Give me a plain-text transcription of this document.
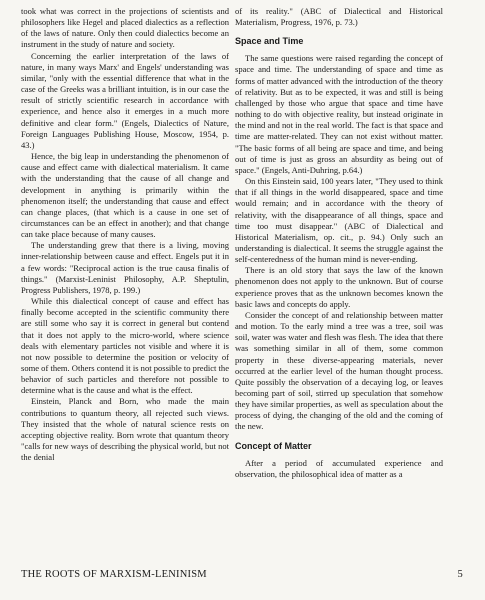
took what was correct in the projections of scientists and philosophers like Hegel and placed dialectics as a reflection of the laws of nature. Only then could dialectics become an instrument in the study of nature and society.

Concerning the earlier interpretation of the laws of nature, in many ways Marx' and Engels' understanding was similar, "only with the essential difference that what in the case of the Greeks was a brilliant intuition, is in our case the result of strictly scientific research in accordance with experience, and hence also it emerges in a much more definitive and clear form." (Engels, Dialectics of Nature, Foreign Languages Publishing House, Moscow, 1954, p. 43.)

Hence, the big leap in understanding the phenomenon of cause and effect came with dialectical materialism. It came with the understanding that the cause of all change and development in anything is primarily within the phenomenon itself; the understanding that cause and effect can change places, (that which is a cause in one set of circumstances can be an effect in another); and that change can take place because of many causes.

The understanding grew that there is a living, moving inner-relationship between cause and effect. Engels put it in a few words: "Reciprocal action is the true causa finalis of things." (Marxist-Leninist Philosophy, A.P. Sheptulin, Progress Publishers, 1978, p. 199.)

While this dialectical concept of cause and effect has finally become accepted in the scientific community there are still some who say it is correct in general but contend that it does not apply to the micro-world, where science deals with elementary particles not visible and where it is not now possible to determine the position or velocity of some of them. Others contend it is not possible to predict the behavior of such particles and therefore not possible to determine what is the cause and what is the effect.

Einstein, Planck and Born, who made the main contributions to quantum theory, all rejected such views. They insisted that the whole of natural science rests on accepting objective reality. Born wrote that quantum theory "calls for new ways of describing the physical world, but not the denial

of its reality." (ABC of Dialectical and Historical Materialism, Progress, 1976, p. 73.)

Space and Time

The same questions were raised regarding the concept of space and time. The understanding of space and time as forms of matter advanced with the introduction of the theory of relativity. But as to be expected, it was and still is being challenged by those who argue that space and time have nothing to do with objective reality, but instead originate in the mind and not in the real world. The fact is that space and time are matter-related. They can not exist without matter. "The basic forms of all being are space and time, and being out of time is just as gross an absurdity as being out of space." (Engels, Anti-Duhring, p.64.)

On this Einstein said, 100 years later, "They used to think that if all things in the world disappeared, space and time would remain; and in accordance with the theory of relativity, with the disappearance of all things, space and time too must disappear." (ABC of Dialectical and Historical Materialism, op. cit., p. 94.) Only such an understanding is dialectical. It seems the struggle against the self-centeredness of the human mind is never-ending.

There is an old story that says the law of the known phenomenon does not apply to the unknown. But of course experience proves that as the unknown becomes known the basic laws and concepts do apply.

Consider the concept of and relationship between matter and motion. To the early mind a tree was a tree, soil was soil, water was water and flesh was flesh. The idea that there was something similar in all of them, some common property in these diverse-appearing materials, never occurred at the earlier level of the human thought process. Quite possibly the observation of a decaying log, or leaves becoming part of soil, stirred up speculation that somehow they have similar properties, as well as speculation about the process of dying, the changing of the old and the coming of the new.

Concept of Matter

After a period of accumulated experience and observation, the philosophical idea of matter as a

THE ROOTS OF MARXISM-LENINISM	5
